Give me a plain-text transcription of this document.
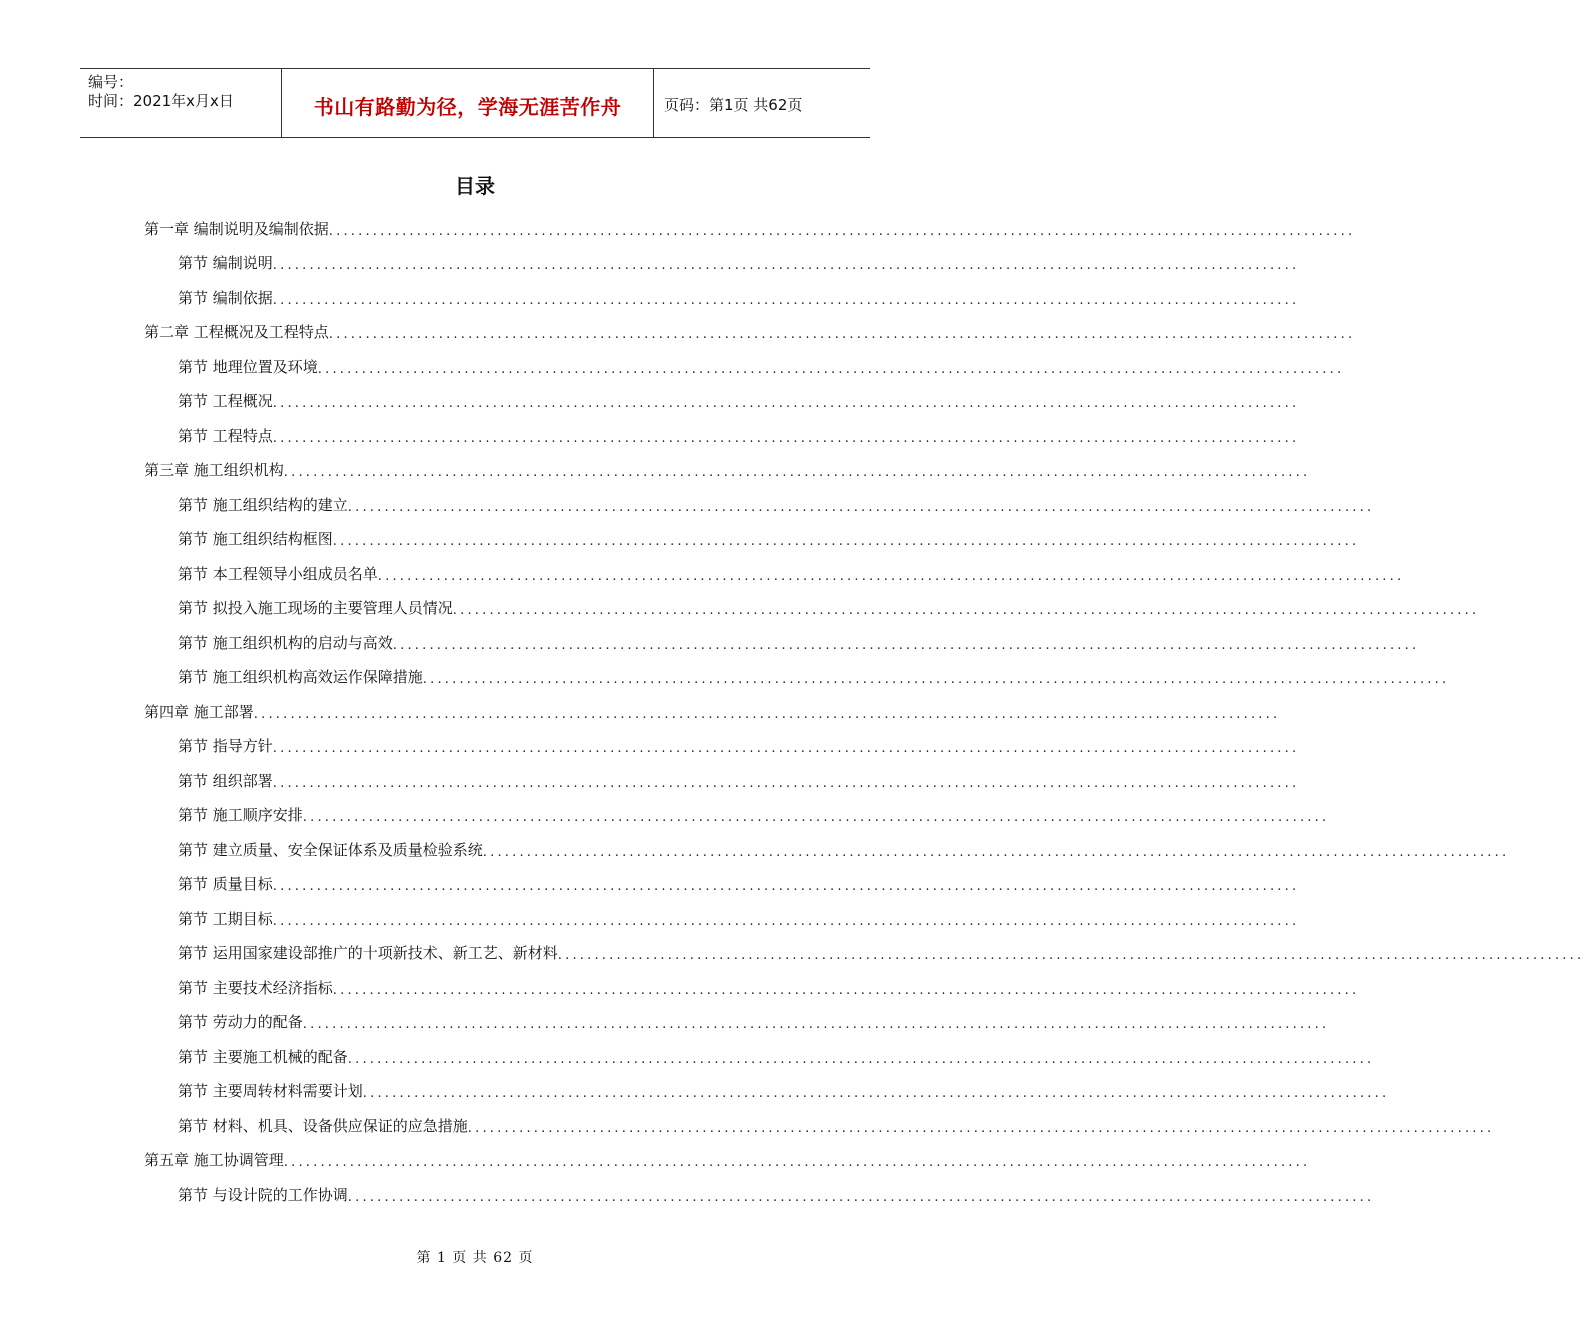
编号：
时间：2021年x月x日	书山有路勤为径，学海无涯苦作舟	页码：第1页 共62页
目录
第一章 编制说明及编制依据 ............................................................................................................................................
第节 编制说明 ............................................................................................................................................
第节 编制依据 ............................................................................................................................................
第二章 工程概况及工程特点 ............................................................................................................................................
第节 地理位置及环境 ............................................................................................................................................
第节 工程概况 ............................................................................................................................................
第节 工程特点 ............................................................................................................................................
第三章 施工组织机构 ............................................................................................................................................
第节 施工组织结构的建立 ............................................................................................................................................
第节 施工组织结构框图 ............................................................................................................................................
第节 本工程领导小组成员名单 ............................................................................................................................................
第节 拟投入施工现场的主要管理人员情况 ............................................................................................................................................
第节 施工组织机构的启动与高效 ............................................................................................................................................
第节 施工组织机构高效运作保障措施 ............................................................................................................................................
第四章 施工部署 ............................................................................................................................................
第节 指导方针 ............................................................................................................................................
第节 组织部署 ............................................................................................................................................
第节 施工顺序安排 ............................................................................................................................................
第节 建立质量、安全保证体系及质量检验系统 ............................................................................................................................................
第节 质量目标 ............................................................................................................................................
第节 工期目标 ............................................................................................................................................
第节 运用国家建设部推广的十项新技术、新工艺、新材料 ............................................................................................................................................
第节 主要技术经济指标 ............................................................................................................................................
第节 劳动力的配备 ............................................................................................................................................
第节 主要施工机械的配备 ............................................................................................................................................
第节 主要周转材料需要计划 ............................................................................................................................................
第节 材料、机具、设备供应保证的应急措施 ............................................................................................................................................
第五章 施工协调管理 ............................................................................................................................................
第节 与设计院的工作协调 ............................................................................................................................................
第 1 页 共 62 页
